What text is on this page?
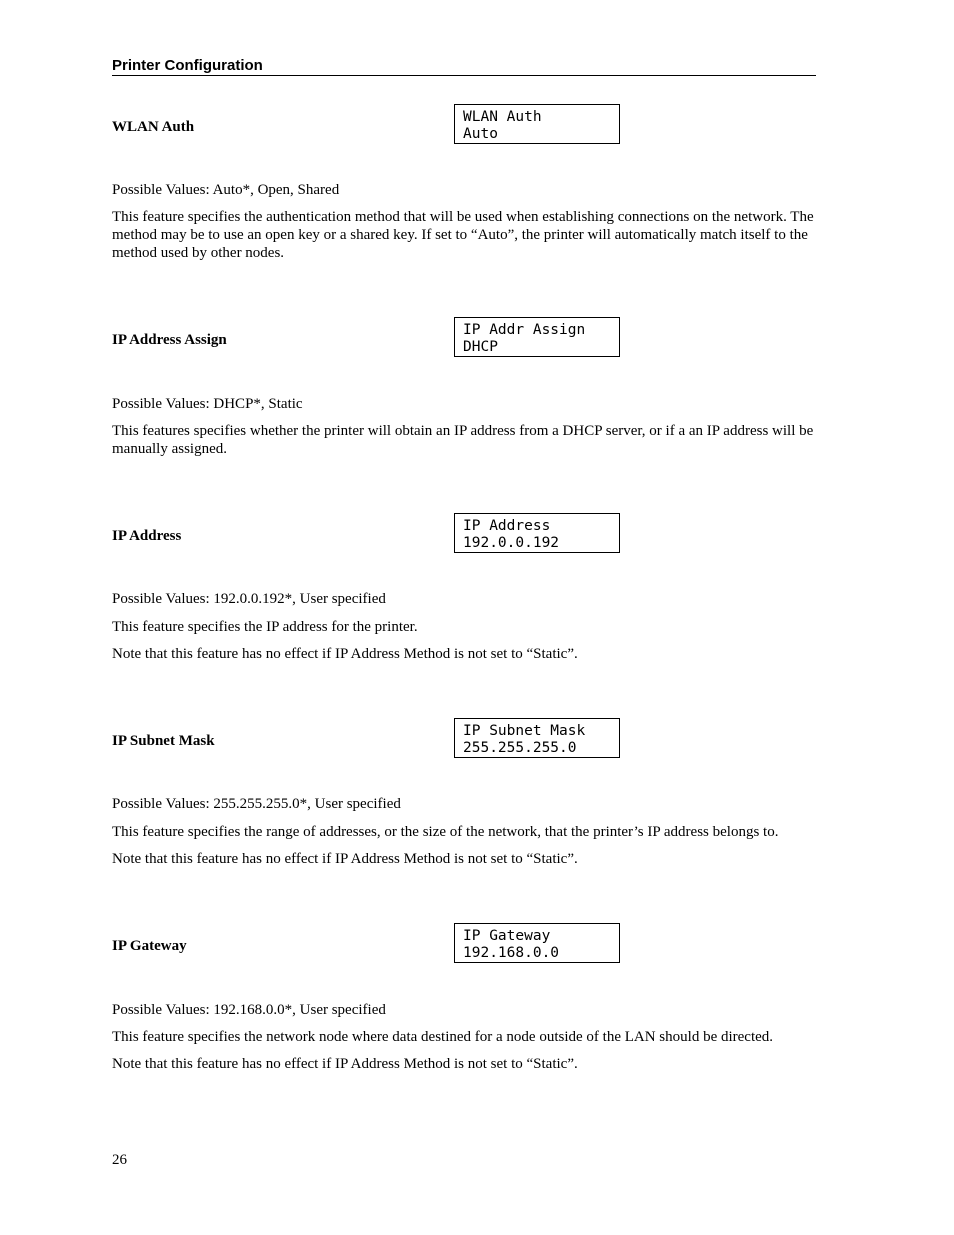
Printer Configuration
WLAN Auth
WLAN Auth
Auto

Possible Values: Auto*, Open, Shared

This feature specifies the authentication method that will be used when establishing connections on the network. The method may be to use an open key or a shared key. If set to “Auto”, the printer will automatically match itself to the method used by other nodes.

IP Address Assign
IP Addr Assign
DHCP

Possible Values: DHCP*, Static

This features specifies whether the printer will obtain an IP address from a DHCP server, or if a an IP address will be manually assigned.

IP Address
IP Address
192.0.0.192

Possible Values: 192.0.0.192*, User specified

This feature specifies the IP address for the printer.

Note that this feature has no effect if IP Address Method is not set to “Static”.

IP Subnet Mask
IP Subnet Mask
255.255.255.0

Possible Values: 255.255.255.0*, User specified

This feature specifies the range of addresses, or the size of the network, that the printer’s IP address belongs to.

Note that this feature has no effect if IP Address Method is not set to “Static”.

IP Gateway
IP Gateway
192.168.0.0

Possible Values: 192.168.0.0*, User specified

This feature specifies the network node where data destined for a node outside of the LAN should be directed.

Note that this feature has no effect if IP Address Method is not set to “Static”.

26
